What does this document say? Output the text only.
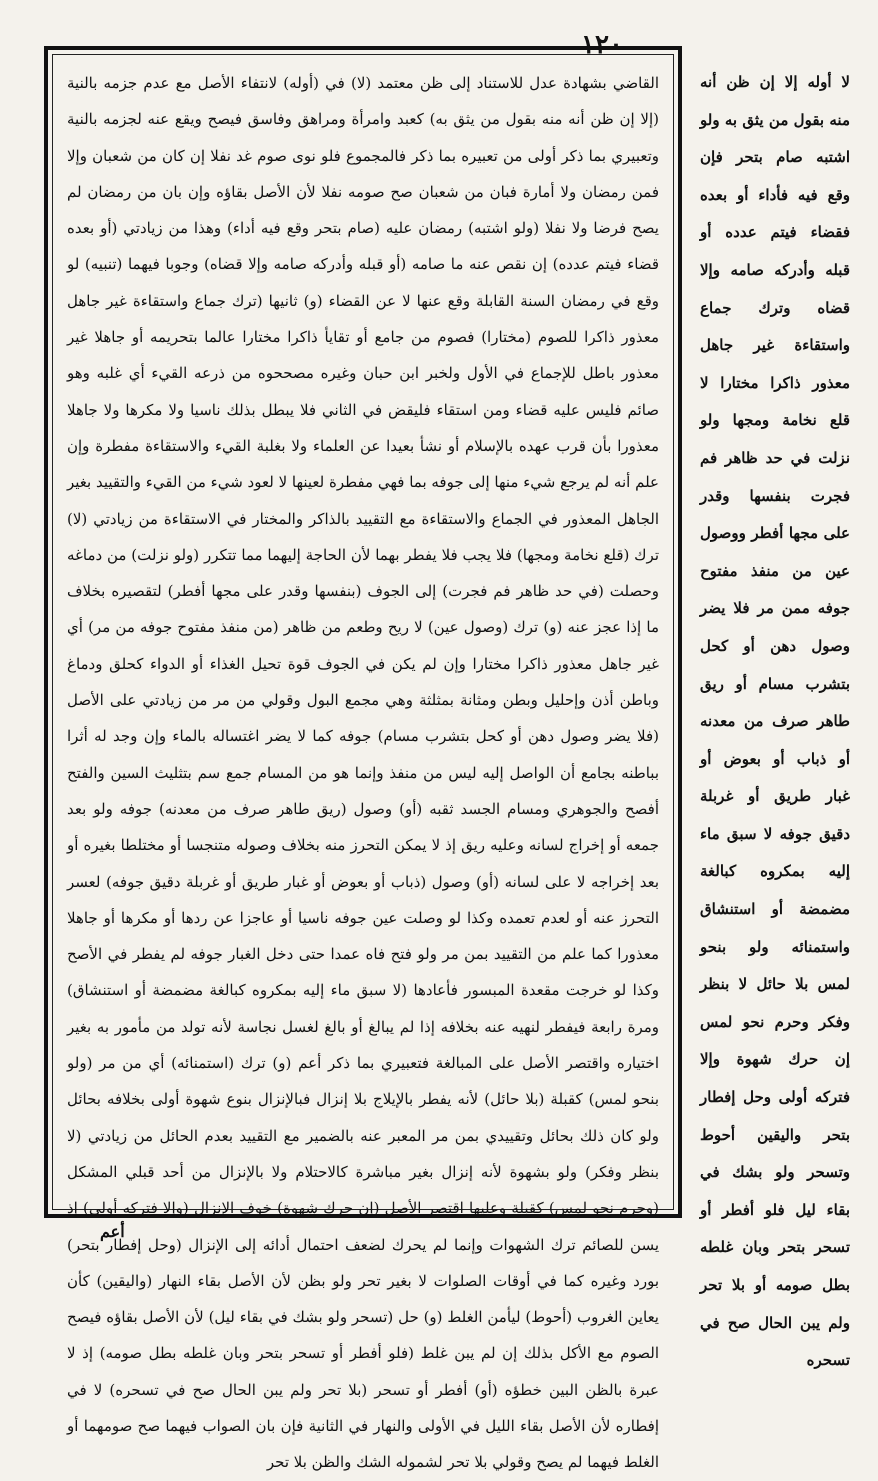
١٢٠

القاضي بشهادة عدل للاستناد إلى ظن معتمد (لا) في (أوله) لانتفاء الأصل مع عدم جزمه بالنية (إلا إن ظن أنه منه بقول من يثق به) كعبد وامرأة ومراهق وفاسق فيصح ويقع عنه لجزمه بالنية وتعبيري بما ذكر أولى من تعبيره بما ذكر فالمجموع فلو نوى صوم غد نفلا إن كان من شعبان وإلا فمن رمضان ولا أمارة فبان من شعبان صح صومه نفلا لأن الأصل بقاؤه وإن بان من رمضان لم يصح فرضا ولا نفلا (ولو اشتبه) رمضان عليه (صام بتحر وقع فيه أداء) وهذا من زيادتي (أو بعده قضاء فيتم عدده) إن نقص عنه ما صامه (أو قبله وأدركه صامه وإلا قضاه) وجوبا فيهما (تنبيه) لو وقع في رمضان السنة القابلة وقع عنها لا عن القضاء (و) ثانيها (ترك جماع واستقاءة غير جاهل معذور ذاكرا للصوم (مختارا) فصوم من جامع أو تقايأ ذاكرا مختارا عالما بتحريمه أو جاهلا غير معذور باطل للإجماع في الأول ولخبر ابن حبان وغيره مصححوه من ذرعه القيء أي غلبه وهو صائم فليس عليه قضاء ومن استقاء فليقض في الثاني فلا يبطل بذلك ناسيا ولا مكرها ولا جاهلا معذورا بأن قرب عهده بالإسلام أو نشأ بعيدا عن العلماء ولا بغلبة القيء والاستقاءة مفطرة وإن علم أنه لم يرجع شيء منها إلى جوفه بما فهي مفطرة لعينها لا لعود شيء من القيء والتقييد بغير الجاهل المعذور في الجماع والاستقاءة مع التقييد بالذاكر والمختار في الاستقاءة من زيادتي (لا) ترك (قلع نخامة ومجها) فلا يجب فلا يفطر بهما لأن الحاجة إليهما مما تتكرر (ولو نزلت) من دماغه وحصلت (في حد ظاهر فم فجرت) إلى الجوف (بنفسها وقدر على مجها أفطر) لتقصيره بخلاف ما إذا عجز عنه (و) ترك (وصول عين) لا ريح وطعم من ظاهر (من منفذ مفتوح جوفه من مر) أي غير جاهل معذور ذاكرا مختارا وإن لم يكن في الجوف قوة تحيل الغذاء أو الدواء كحلق ودماغ وباطن أذن وإحليل وبطن ومثانة بمثلثة وهي مجمع البول وقولي من مر من زيادتي على الأصل (فلا يضر وصول دهن أو كحل بتشرب مسام) جوفه كما لا يضر اغتساله بالماء وإن وجد له أثرا بباطنه بجامع أن الواصل إليه ليس من منفذ وإنما هو من المسام جمع سم بتثليث السين والفتح أفصح والجوهري ومسام الجسد ثقبه (أو) وصول (ريق طاهر صرف من معدنه) جوفه ولو بعد جمعه أو إخراج لسانه وعليه ريق إذ لا يمكن التحرز منه بخلاف وصوله متنجسا أو مختلطا بغيره أو بعد إخراجه لا على لسانه (أو) وصول (ذباب أو بعوض أو غبار طريق أو غربلة دقيق جوفه) لعسر التحرز عنه أو لعدم تعمده وكذا لو وصلت عين جوفه ناسيا أو عاجزا عن ردها أو مكرها أو جاهلا معذورا كما علم من التقييد بمن مر ولو فتح فاه عمدا حتى دخل الغبار جوفه لم يفطر في الأصح وكذا لو خرجت مقعدة المبسور فأعادها (لا سبق ماء إليه بمكروه كبالغة مضمضة أو استنشاق) ومرة رابعة فيفطر لنهيه عنه بخلافه إذا لم يبالغ أو بالغ لغسل نجاسة لأنه تولد من مأمور به بغير اختياره واقتصر الأصل على المبالغة فتعبيري بما ذكر أعم (و) ترك (استمنائه) أي من مر (ولو بنحو لمس) كقبلة (بلا حائل) لأنه يفطر بالإيلاج بلا إنزال فبالإنزال بنوع شهوة أولى بخلافه بحائل ولو كان ذلك بحائل وتقييدي بمن مر المعبر عنه بالضمير مع التقييد بعدم الحائل من زيادتي (لا بنظر وفكر) ولو بشهوة لأنه إنزال بغير مباشرة كالاحتلام ولا بالإنزال من أحد قبلي المشكل (وحرم نحو لمس) كقبلة وعليها اقتصر الأصل (إن حرك شهوة) خوف الإنزال (وإلا فتركه أولى) إذ يسن للصائم ترك الشهوات وإنما لم يحرك لضعف احتمال أدائه إلى الإنزال (وحل إفطار بتحر) بورد وغيره كما في أوقات الصلوات لا بغير تحر ولو بظن لأن الأصل بقاء النهار (واليقين) كأن يعاين الغروب (أحوط) ليأمن الغلط (و) حل (تسحر ولو بشك في بقاء ليل) لأن الأصل بقاؤه فيصح الصوم مع الأكل بذلك إن لم يبن غلط (فلو أفطر أو تسحر بتحر وبان غلطه بطل صومه) إذ لا عبرة بالظن البين خطؤه (أو) أفطر أو تسحر (بلا تحر ولم يبن الحال صح في تسحره) لا في إفطاره لأن الأصل بقاء الليل في الأولى والنهار في الثانية فإن بان الصواب فيهما صح صومهما أو الغلط فيهما لم يصح وقولي بلا تحر لشموله الشك والظن بلا تحر

لا أوله إلا إن ظن أنه منه بقول من يثق به ولو اشتبه صام بتحر فإن وقع فيه فأداء أو بعده فقضاء فيتم عدده أو قبله وأدركه صامه وإلا قضاه وترك جماع واستقاءة غير جاهل معذور ذاكرا مختارا لا قلع نخامة ومجها ولو نزلت في حد ظاهر فم فجرت بنفسها وقدر على مجها أفطر ووصول عين من منفذ مفتوح جوفه ممن مر فلا يضر وصول دهن أو كحل بتشرب مسام أو ريق طاهر صرف من معدنه أو ذباب أو بعوض أو غبار طريق أو غربلة دقيق جوفه لا سبق ماء إليه بمكروه كبالغة مضمضة أو استنشاق واستمنائه ولو بنحو لمس بلا حائل لا بنظر وفكر وحرم نحو لمس إن حرك شهوة وإلا فتركه أولى وحل إفطار بتحر واليقين أحوط وتسحر ولو بشك في بقاء ليل فلو أفطر أو تسحر بتحر وبان غلطه بطل صومه أو بلا تحر ولم يبن الحال صح في تسحره

أعم
